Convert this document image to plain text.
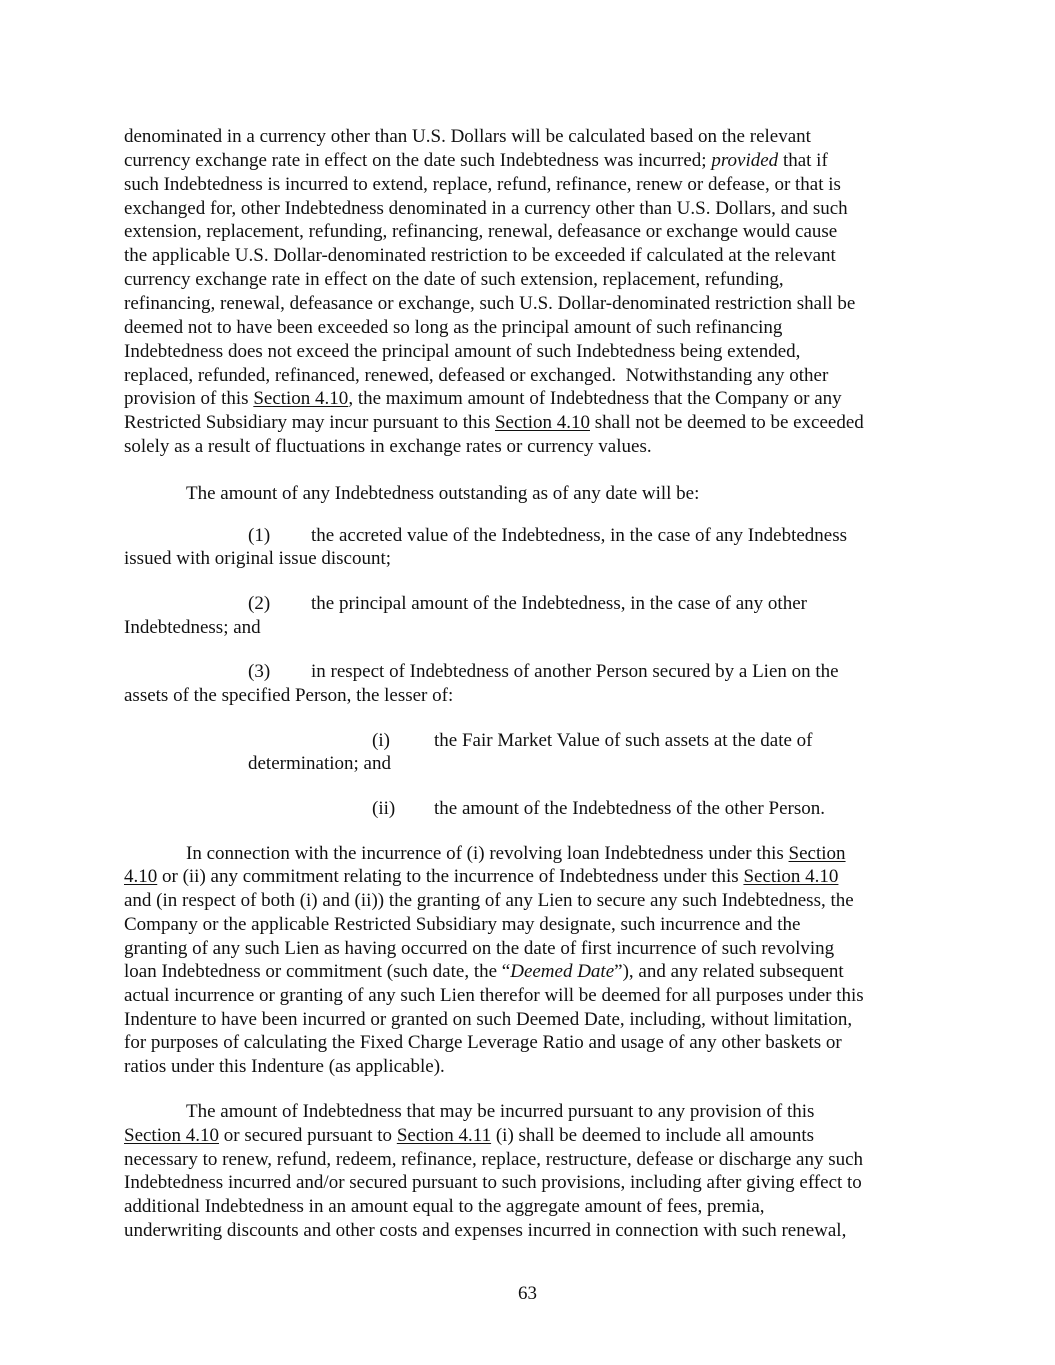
denominated in a currency other than U.S. Dollars will be calculated based on the relevant
currency exchange rate in effect on the date such Indebtedness was incurred; provided that if
such Indebtedness is incurred to extend, replace, refund, refinance, renew or defease, or that is
exchanged for, other Indebtedness denominated in a currency other than U.S. Dollars, and such
extension, replacement, refunding, refinancing, renewal, defeasance or exchange would cause
the applicable U.S. Dollar-denominated restriction to be exceeded if calculated at the relevant
currency exchange rate in effect on the date of such extension, replacement, refunding,
refinancing, renewal, defeasance or exchange, such U.S. Dollar-denominated restriction shall be
deemed not to have been exceeded so long as the principal amount of such refinancing
Indebtedness does not exceed the principal amount of such Indebtedness being extended,
replaced, refunded, refinanced, renewed, defeased or exchanged.  Notwithstanding any other
provision of this Section 4.10, the maximum amount of Indebtedness that the Company or any
Restricted Subsidiary may incur pursuant to this Section 4.10 shall not be deemed to be exceeded
solely as a result of fluctuations in exchange rates or currency values.
The amount of any Indebtedness outstanding as of any date will be:
(1) the accreted value of the Indebtedness, in the case of any Indebtedness
issued with original issue discount;
(2) the principal amount of the Indebtedness, in the case of any other
Indebtedness; and
(3) in respect of Indebtedness of another Person secured by a Lien on the
assets of the specified Person, the lesser of:
(i) the Fair Market Value of such assets at the date of
determination; and
(ii) the amount of the Indebtedness of the other Person.
In connection with the incurrence of (i) revolving loan Indebtedness under this Section
4.10 or (ii) any commitment relating to the incurrence of Indebtedness under this Section 4.10
and (in respect of both (i) and (ii)) the granting of any Lien to secure any such Indebtedness, the
Company or the applicable Restricted Subsidiary may designate, such incurrence and the
granting of any such Lien as having occurred on the date of first incurrence of such revolving
loan Indebtedness or commitment (such date, the “Deemed Date”), and any related subsequent
actual incurrence or granting of any such Lien therefor will be deemed for all purposes under this
Indenture to have been incurred or granted on such Deemed Date, including, without limitation,
for purposes of calculating the Fixed Charge Leverage Ratio and usage of any other baskets or
ratios under this Indenture (as applicable).
The amount of Indebtedness that may be incurred pursuant to any provision of this
Section 4.10 or secured pursuant to Section 4.11 (i) shall be deemed to include all amounts
necessary to renew, refund, redeem, refinance, replace, restructure, defease or discharge any such
Indebtedness incurred and/or secured pursuant to such provisions, including after giving effect to
additional Indebtedness in an amount equal to the aggregate amount of fees, premia,
underwriting discounts and other costs and expenses incurred in connection with such renewal,
63
